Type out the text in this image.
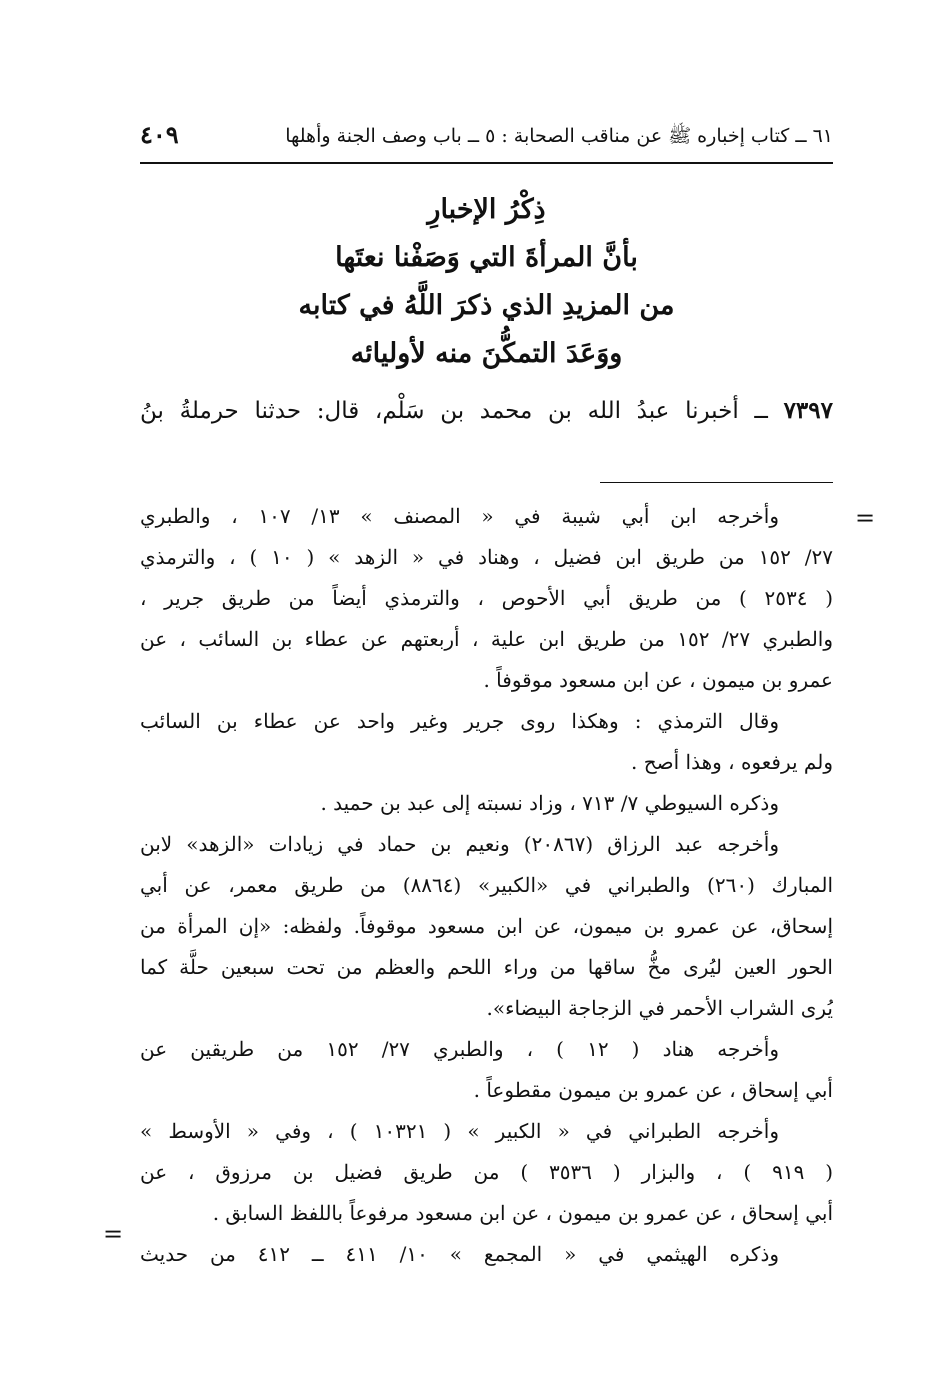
٦١ ــ كتاب إخباره ﷺ عن مناقب الصحابة : ٥ ــ باب وصف الجنة وأهلها
٤٠٩
ذِكْرُ الإخبارِ
بأنَّ المرأةَ التي وَصَفْنا نعتَها
من المزيدِ الذي ذكرَ اللَّهُ في كتابه
ووَعَدَ التمكُّنَ منه لأوليائه
٧٣٩٧ ــ أخبرنا عبدُ الله بن محمد بن سَلْم، قال: حدثنا حرملةُ بنُ
=
وأخرجه ابن أبي شيبة في « المصنف » ١٣/ ١٠٧ ، والطبري
٢٧/ ١٥٢ من طريق ابن فضيل ، وهناد في « الزهد » ( ١٠ ) ، والترمذي
( ٢٥٣٤ ) من طريق أبي الأحوص ، والترمذي أيضاً من طريق جرير ،
والطبري ٢٧/ ١٥٢ من طريق ابن علية ، أربعتهم عن عطاء بن السائب ، عن
عمرو بن ميمون ، عن ابن مسعود موقوفاً .
وقال الترمذي : وهكذا روى جرير وغير واحد عن عطاء بن السائب
ولم يرفعوه ، وهذا أصح .
وذكره السيوطي ٧/ ٧١٣ ، وزاد نسبته إلى عبد بن حميد .
وأخرجه عبد الرزاق (٢٠٨٦٧) ونعيم بن حماد في زيادات «الزهد» لابن
المبارك (٢٦٠) والطبراني في «الكبير» (٨٨٦٤) من طريق معمر، عن أبي
إسحاق، عن عمرو بن ميمون، عن ابن مسعود موقوفاً. ولفظه: «إن المرأة من
الحور العين ليُرى مخُّ ساقها من وراء اللحم والعظم من تحت سبعين حلَّة كما
يُرى الشراب الأحمر في الزجاجة البيضاء».
وأخرجه هناد ( ١٢ ) ، والطبري ٢٧/ ١٥٢ من طريقين عن
أبي إسحاق ، عن عمرو بن ميمون مقطوعاً .
وأخرجه الطبراني في « الكبير » ( ١٠٣٢١ ) ، وفي « الأوسط »
( ٩١٩ ) ، والبزار ( ٣٥٣٦ ) من طريق فضيل بن مرزوق ، عن
أبي إسحاق ، عن عمرو بن ميمون ، عن ابن مسعود مرفوعاً باللفظ السابق .
وذكره الهيثمي في « المجمع » ١٠/ ٤١١ ــ ٤١٢ من حديث
=
